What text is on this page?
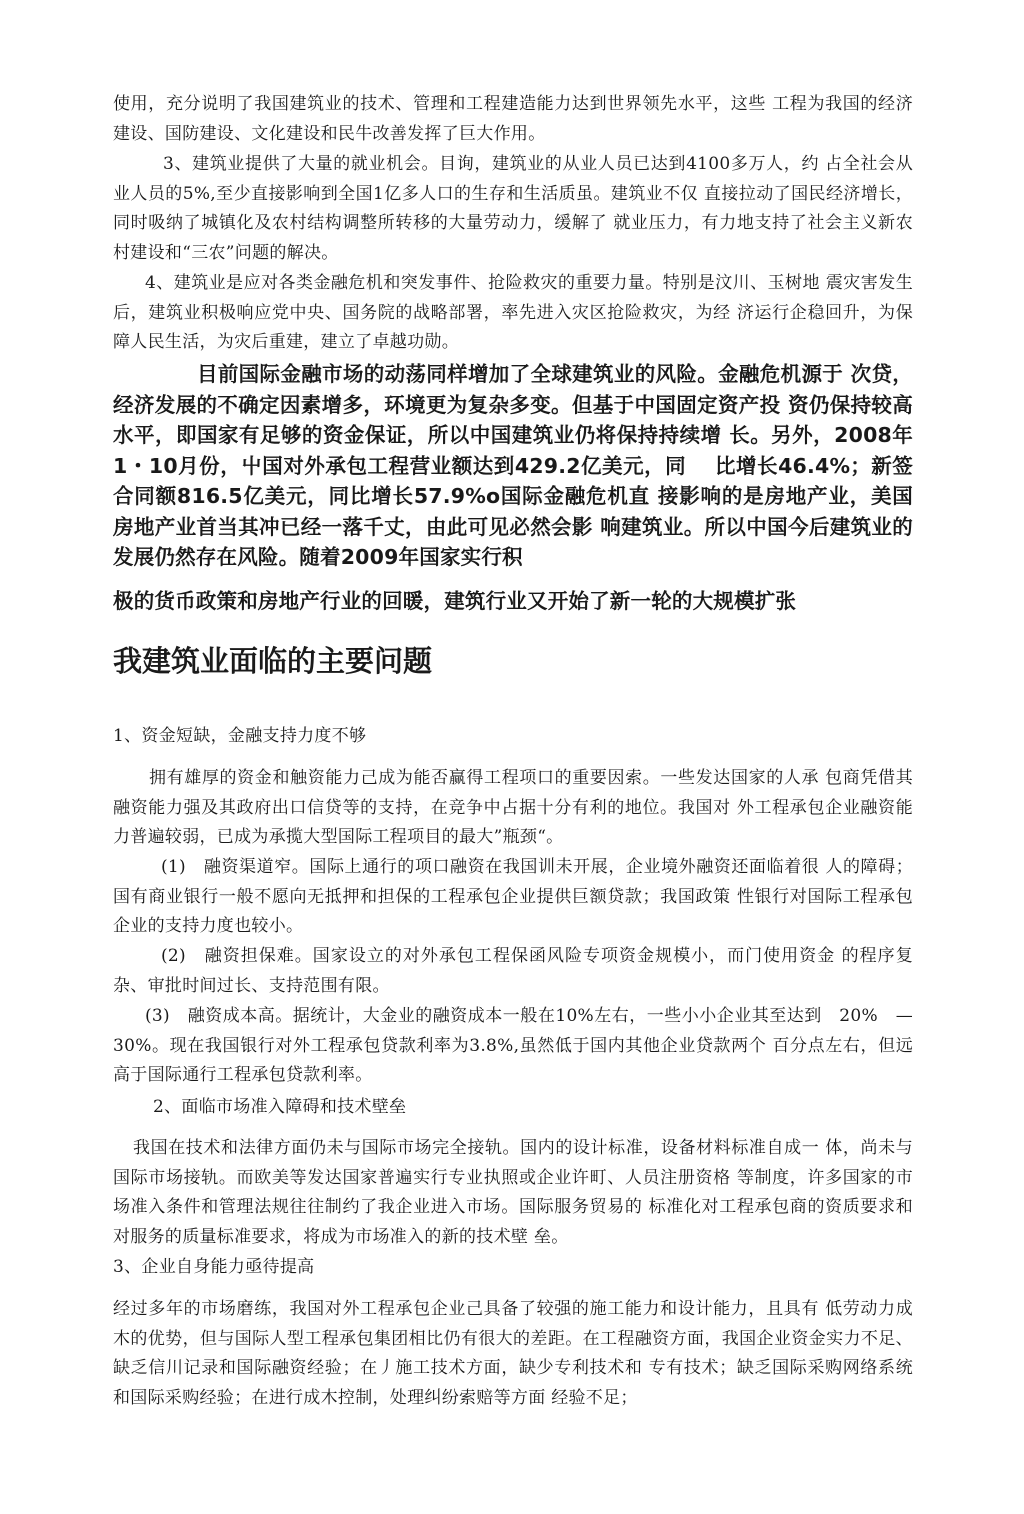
使用，充分说明了我国建筑业的技术、管理和工程建造能力达到世界领先水平，这些 工程为我国的经济建设、国防建设、文化建设和民牛改善发挥了巨大作用。

3、建筑业提供了大量的就业机会。目询，建筑业的从业人员已达到4100多万人，约 占全社会从业人员的5%,至少直接影响到全国1亿多人口的生存和生活质虽。建筑业不仅 直接拉动了国民经济增长，同时吸纳了城镇化及农村结构调整所转移的大量劳动力，缓解了 就业压力，有力地支持了社会主义新农村建设和“三农”问题的解决。

4、建筑业是应对各类金融危机和突发事件、抢险救灾的重要力量。特别是汶川、玉树地 震灾害发生后，建筑业积极响应党中央、国务院的战略部署，率先进入灾区抢险救灾，为经 济运行企稳回升，为保障人民生活，为灾后重建，建立了卓越功勋。

目前国际金融市场的动荡同样增加了全球建筑业的风险。金融危机源于 次贷，经济发展的不确定因素增多，环境更为复杂多变。但基于中国固定资产投 资仍保持较高水平，即国家有足够的资金保证，所以中国建筑业仍将保持持续增 长。另外，2008年1・10月份，屮国对外承包工程营业额达到429.2亿美元，同　 比增长46.4%；新签合同额816.5亿美元，同比增长57.9%o国际金融危机直 接影响的是房地产业，美国房地产业首当其冲已经一落千丈，由此可见必然会影 响建筑业。所以中国今后建筑业的发展仍然存在风险。随着2009年国家实行积

极的货币政策和房地产行业的回暖，建筑行业又开始了新一轮的大规模扩张

我建筑业面临的主要问题

1、资金短缺，金融支持力度不够

拥有雄厚的资金和触资能力己成为能否赢得工程项口的重要因索。一些发达国家的人承 包商凭借其融资能力强及其政府出口信贷等的支持，在竞争中占据十分有利的地位。我国对 外工程承包企业融资能力普遍较弱，已成为承揽大型国际工程项目的最大”瓶颈“。

(1)　融资渠道窄。国际上通行的项口融资在我国训未开展，企业境外融资还面临着很 人的障碍；国有商业银行一般不愿向无抵押和担保的工程承包企业提供巨额贷款；我国政策 性银行对国际工程承包企业的支持力度也较小。

(2)　融资担保难。国家设立的对外承包工程保函风险专项资金规模小，而门使用资金 的程序复杂、审批时间过长、支持范围有限。

(3)　融资成本高。据统计，大金业的融资成本一般在10%左右，一些小小企业其至达到　20%　—30%。现在我国银行对外工程承包贷款利率为3.8%,虽然低于国内其他企业贷款两个 百分点左右，但远高于国际通行工程承包贷款利率。

2、面临市场准入障碍和技术壁垒

我国在技术和法律方面仍未与国际市场完全接轨。国内的设计标准，设备材料标准自成一 体，尚未与国际市场接轨。而欧美等发达国家普遍实行专业执照或企业许町、人员注册资格 等制度，许多国家的市场准入条件和管理法规往往制约了我企业进入市场。国际服务贸易的 标准化对工程承包商的资质要求和对服务的质量标准要求，将成为市场准入的新的技术壁 垒。

3、企业自身能力亟待提高

经过多年的市场磨练，我国对外工程承包企业己具备了较强的施工能力和设计能力，且具有 低劳动力成木的优势，但与国际人型工程承包集团相比仍有很大的差距。在工程融资方面，我国企业资金实力不足、缺乏信川记录和国际融资经验；在丿施工技术方面，缺少专利技术和 专有技术；缺乏国际采购网络系统和国际采购经验；在进行成木控制，处理纠纷索赔等方面 经验不足；
